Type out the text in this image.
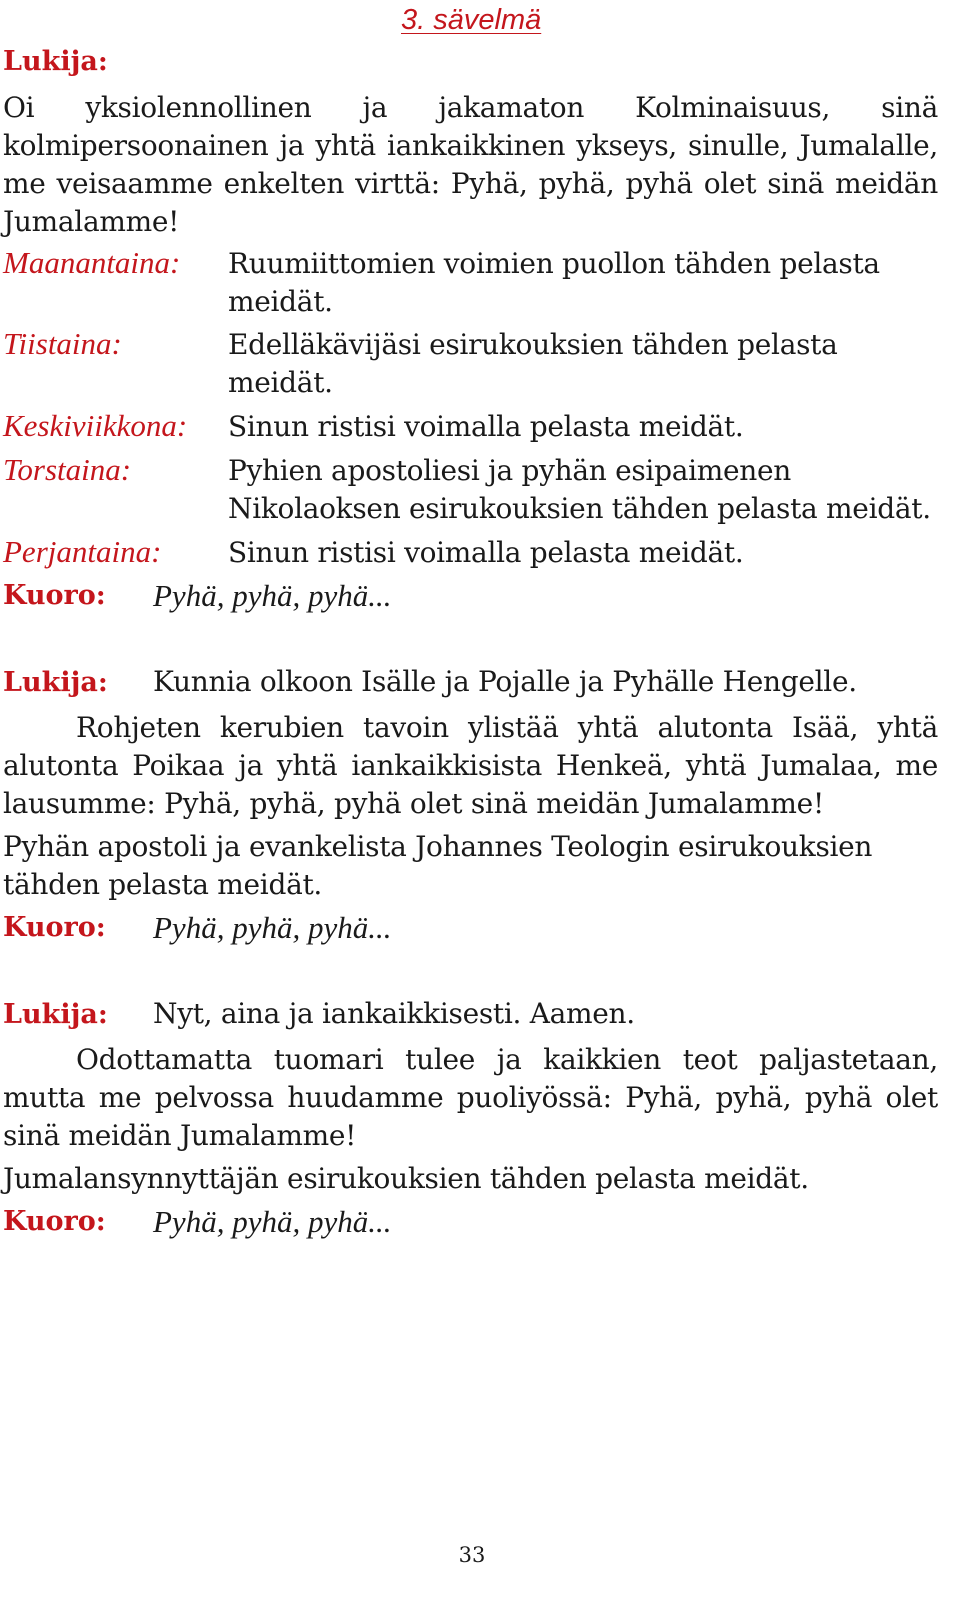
3. sävelmä
Lukija:

Oi yksiolennollinen ja jakamaton Kolminaisuus, sinä kolmipersoonainen ja yhtä iankaikkinen ykseys, sinulle, Jumalalle, me veisaamme enkelten virttä: Pyhä, pyhä, pyhä olet sinä meidän Jumalamme!

Maanantaina: Ruumiittomien voimien puollon tähden pelasta meidät.
Tiistaina:	Edelläkävijäsi esirukouksien tähden pelasta meidät.
Keskiviikkona: Sinun ristisi voimalla pelasta meidät.
Torstaina:	Pyhien apostoliesi ja pyhän esipaimenen Nikolaoksen esirukouksien tähden pelasta meidät.
Perjantaina: Sinun ristisi voimalla pelasta meidät.
Kuoro: Pyhä, pyhä, pyhä...
Lukija: Kunnia olkoon Isälle ja Pojalle ja Pyhälle Hengelle.

Rohjeten kerubien tavoin ylistää yhtä alutonta Isää, yhtä alutonta Poikaa ja yhtä iankaikkisista Henkeä, yhtä Jumalaa, me lausumme: Pyhä, pyhä, pyhä olet sinä meidän Jumalamme!

Pyhän apostoli ja evankelista Johannes Teologin esirukouksien tähden pelasta meidät.

Kuoro: Pyhä, pyhä, pyhä...
Lukija: Nyt, aina ja iankaikkisesti. Aamen.

Odottamatta tuomari tulee ja kaikkien teot paljastetaan, mutta me pelvossa huudamme puoliyössä: Pyhä, pyhä, pyhä olet sinä meidän Jumalamme!

Jumalansynnyttäjän esirukouksien tähden pelasta meidät.

Kuoro: Pyhä, pyhä, pyhä...
33
